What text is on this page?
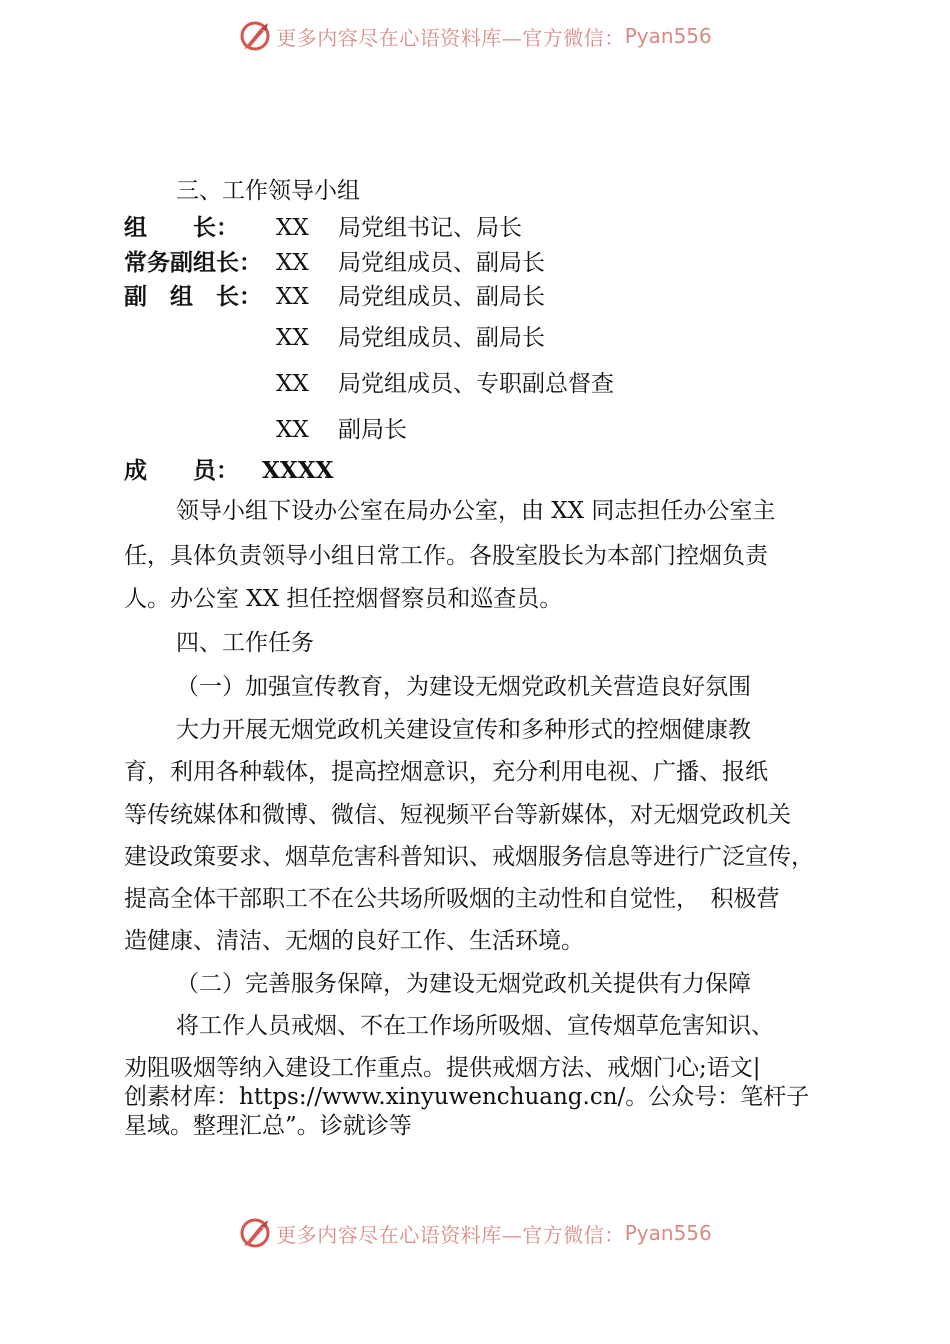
更多内容尽在心语资料库—官方微信： Pyan556
三、工作领导小组
组　　长： XX 局党组书记、局长
常务副组长： XX 局党组成员、副局长
副　组　长： XX 局党组成员、副局长
XX 局党组成员、副局长
XX 局党组成员、专职副总督查
XX 副局长
成　　员： XXXX
领导小组下设办公室在局办公室，由 XX 同志担任办公室主
任，具体负责领导小组日常工作。各股室股长为本部门控烟负责
人。办公室 XX 担任控烟督察员和巡查员。
四、工作任务
（一）加强宣传教育，为建设无烟党政机关营造良好氛围
大力开展无烟党政机关建设宣传和多种形式的控烟健康教
育，利用各种载体，提高控烟意识，充分利用电视、广播、报纸
等传统媒体和微博、微信、短视频平台等新媒体，对无烟党政机关
建设政策要求、烟草危害科普知识、戒烟服务信息等进行广泛宣传，
提高全体干部职工不在公共场所吸烟的主动性和自觉性，　积极营
造健康、清洁、无烟的良好工作、生活环境。
（二）完善服务保障，为建设无烟党政机关提供有力保障
将工作人员戒烟、不在工作场所吸烟、宣传烟草危害知识、
劝阻吸烟等纳入建设工作重点。提供戒烟方法、戒烟门心;语文|
创素材库：https://www.xinyuwenchuang.cn/。公众号：笔杆子
星域。整理汇总”。诊就诊等
更多内容尽在心语资料库—官方微信： Pyan556
